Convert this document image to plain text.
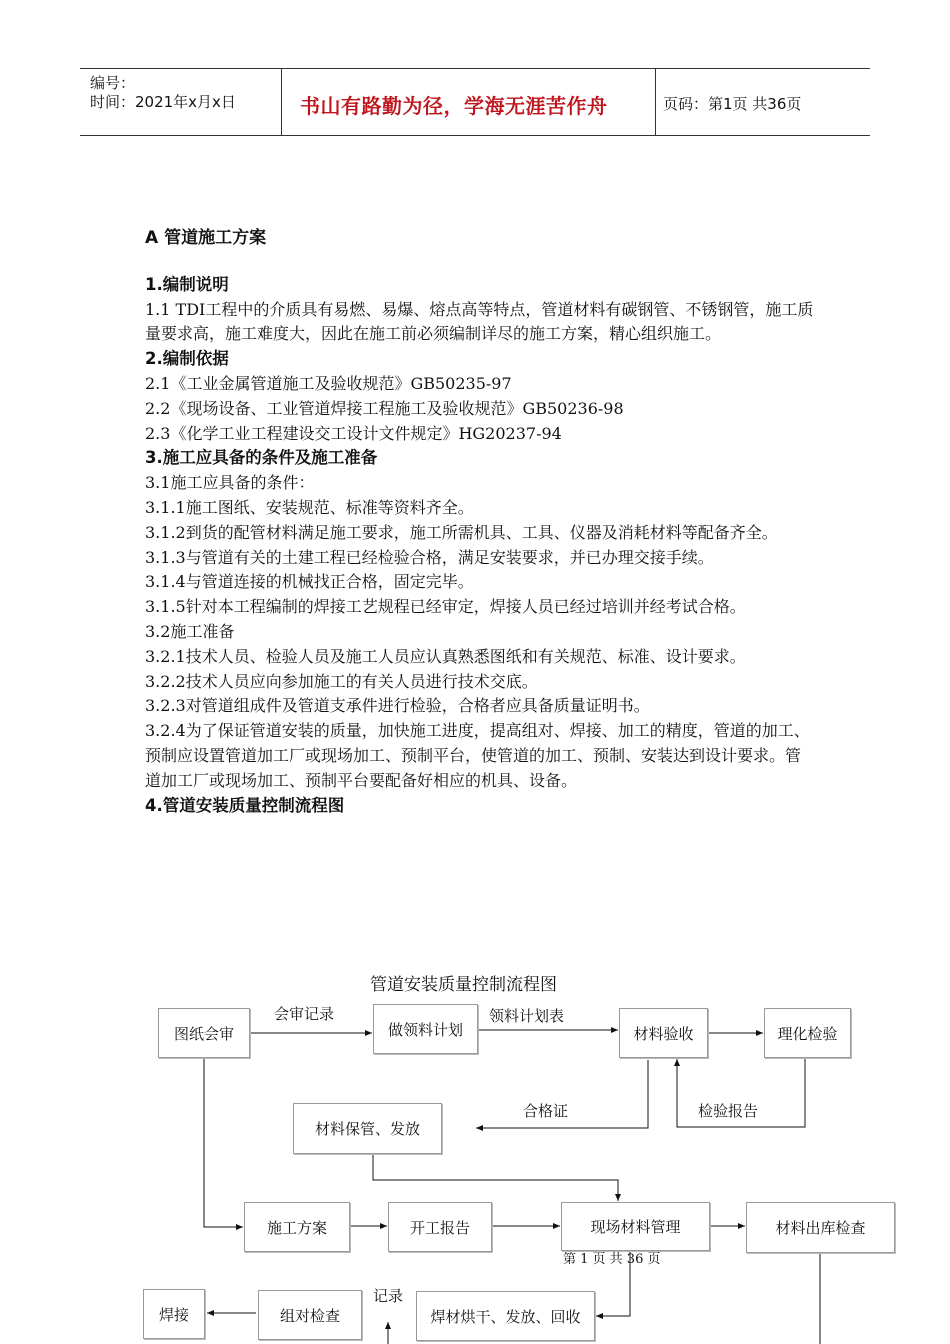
编号：
时间：2021年x月x日	书山有路勤为径，学海无涯苦作舟	页码：第1页 共36页

A 管道施工方案

1.编制说明

1.1 TDI工程中的介质具有易燃、易爆、熔点高等特点，管道材料有碳钢管、不锈钢管，施工质量要求高，施工难度大，因此在施工前必须编制详尽的施工方案，精心组织施工。

2.编制依据

2.1《工业金属管道施工及验收规范》GB50235-97

2.2《现场设备、工业管道焊接工程施工及验收规范》GB50236-98

2.3《化学工业工程建设交工设计文件规定》HG20237-94

3.施工应具备的条件及施工准备

3.1施工应具备的条件：

3.1.1施工图纸、安装规范、标准等资料齐全。

3.1.2到货的配管材料满足施工要求，施工所需机具、工具、仪器及消耗材料等配备齐全。

3.1.3与管道有关的土建工程已经检验合格，满足安装要求，并已办理交接手续。

3.1.4与管道连接的机械找正合格，固定完毕。

3.1.5针对本工程编制的焊接工艺规程已经审定，焊接人员已经过培训并经考试合格。

3.2施工准备

3.2.1技术人员、检验人员及施工人员应认真熟悉图纸和有关规范、标准、设计要求。

3.2.2技术人员应向参加施工的有关人员进行技术交底。

3.2.3对管道组成件及管道支承件进行检验，合格者应具备质量证明书。

3.2.4为了保证管道安装的质量，加快施工进度，提高组对、焊接、加工的精度，管道的加工、预制应设置管道加工厂或现场加工、预制平台，使管道的加工、预制、安装达到设计要求。管道加工厂或现场加工、预制平台要配备好相应的机具、设备。

4.管道安装质量控制流程图

管道安装质量控制流程图
图纸会审	做领料计划	材料验收	理化检验
材料保管、发放
施工方案	开工报告	现场材料管理	材料出库检查
焊接	组对检查	焊材烘干、发放、回收
会审记录	领料计划表
合格证	检验报告
记录
第 1 页 共 36 页
